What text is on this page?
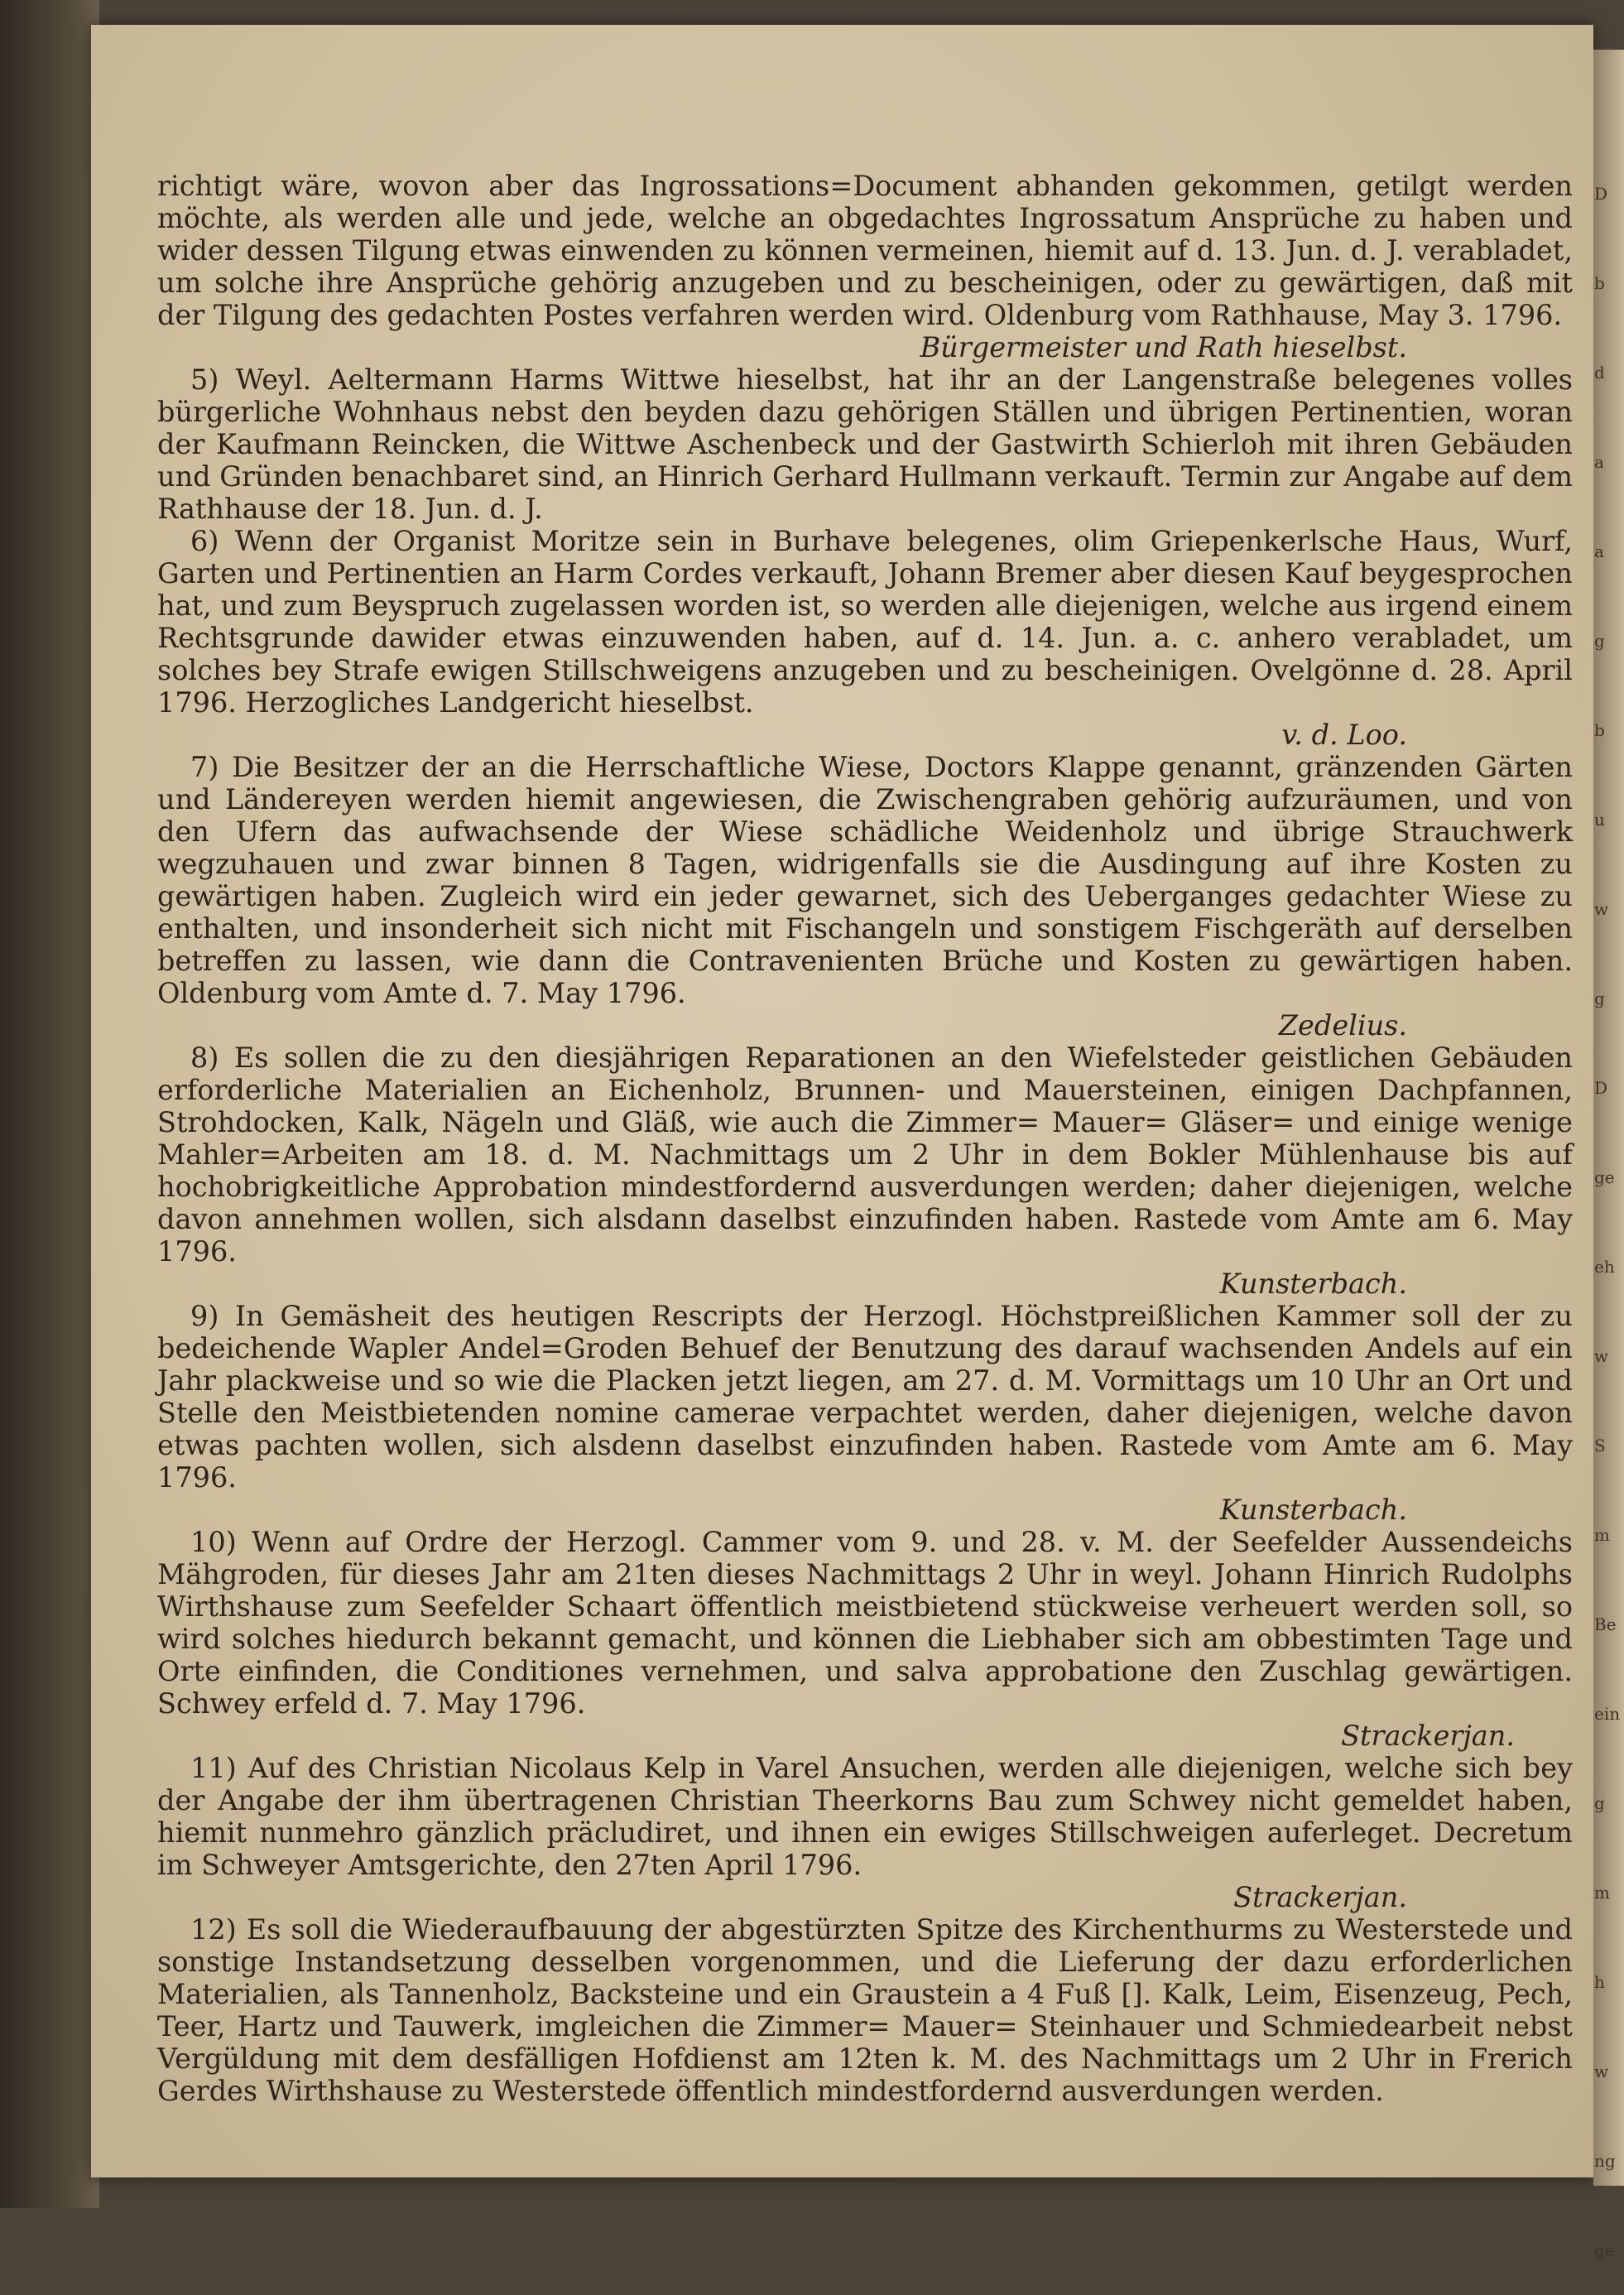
D
b
d
a
a
g
b
u
w
g
D
ge
eh
w
S
m
Be
ein
g
m
h
w
ng
ge

richtigt wäre, wovon aber das Ingrossations=Document abhanden gekommen, getilgt werden möchte, als werden alle und jede, welche an obgedachtes Ingrossatum Ansprüche zu haben und wider dessen Tilgung etwas einwenden zu können vermeinen, hiemit auf d. 13. Jun. d. J. verabladet, um solche ihre Ansprüche gehörig anzugeben und zu bescheinigen, oder zu gewärtigen, daß mit der Tilgung des gedachten Postes verfahren werden wird. Oldenburg vom Rathhause, May 3. 1796.

Bürgermeister und Rath hieselbst.

5) Weyl. Aeltermann Harms Wittwe hieselbst, hat ihr an der Langenstraße belegenes volles bürgerliche Wohnhaus nebst den beyden dazu gehörigen Ställen und übrigen Pertinentien, woran der Kaufmann Reincken, die Wittwe Aschenbeck und der Gastwirth Schierloh mit ihren Gebäuden und Gründen benachbaret sind, an Hinrich Gerhard Hullmann verkauft. Termin zur Angabe auf dem Rathhause der 18. Jun. d. J.

6) Wenn der Organist Moritze sein in Burhave belegenes, olim Griepenkerlsche Haus, Wurf, Garten und Pertinentien an Harm Cordes verkauft, Johann Bremer aber diesen Kauf beygesprochen hat, und zum Beyspruch zugelassen worden ist, so werden alle diejenigen, welche aus irgend einem Rechtsgrunde dawider etwas einzuwenden haben, auf d. 14. Jun. a. c. anhero verabladet, um solches bey Strafe ewigen Stillschweigens anzugeben und zu bescheinigen. Ovelgönne d. 28. April 1796. Herzogliches Landgericht hieselbst.

v. d. Loo.

7) Die Besitzer der an die Herrschaftliche Wiese, Doctors Klappe genannt, gränzenden Gärten und Ländereyen werden hiemit angewiesen, die Zwischengraben gehörig aufzuräumen, und von den Ufern das aufwachsende der Wiese schädliche Weidenholz und übrige Strauchwerk wegzuhauen und zwar binnen 8 Tagen, widrigenfalls sie die Ausdingung auf ihre Kosten zu gewärtigen haben. Zugleich wird ein jeder gewarnet, sich des Ueberganges gedachter Wiese zu enthalten, und insonderheit sich nicht mit Fischangeln und sonstigem Fischgeräth auf derselben betreffen zu lassen, wie dann die Contravenienten Brüche und Kosten zu gewärtigen haben. Oldenburg vom Amte d. 7. May 1796.

Zedelius.

8) Es sollen die zu den diesjährigen Reparationen an den Wiefelsteder geistlichen Gebäuden erforderliche Materialien an Eichenholz, Brunnen- und Mauersteinen, einigen Dachpfannen, Strohdocken, Kalk, Nägeln und Gläß, wie auch die Zimmer= Mauer= Gläser= und einige wenige Mahler=Arbeiten am 18. d. M. Nachmittags um 2 Uhr in dem Bokler Mühlenhause bis auf hochobrigkeitliche Approbation mindestfordernd ausverdungen werden; daher diejenigen, welche davon annehmen wollen, sich alsdann daselbst einzufinden haben. Rastede vom Amte am 6. May 1796.

Kunsterbach.

9) In Gemäsheit des heutigen Rescripts der Herzogl. Höchstpreißlichen Kammer soll der zu bedeichende Wapler Andel=Groden Behuef der Benutzung des darauf wachsenden Andels auf ein Jahr plackweise und so wie die Placken jetzt liegen, am 27. d. M. Vormittags um 10 Uhr an Ort und Stelle den Meistbietenden nomine camerae verpachtet werden, daher diejenigen, welche davon etwas pachten wollen, sich alsdenn daselbst einzufinden haben. Rastede vom Amte am 6. May 1796.

Kunsterbach.

10) Wenn auf Ordre der Herzogl. Cammer vom 9. und 28. v. M. der Seefelder Aussendeichs Mähgroden, für dieses Jahr am 21ten dieses Nachmittags 2 Uhr in weyl. Johann Hinrich Rudolphs Wirthshause zum Seefelder Schaart öffentlich meistbietend stückweise verheuert werden soll, so wird solches hiedurch bekannt gemacht, und können die Liebhaber sich am obbestimten Tage und Orte einfinden, die Conditiones vernehmen, und salva approbatione den Zuschlag gewärtigen. Schwey erfeld d. 7. May 1796.

Strackerjan.

11) Auf des Christian Nicolaus Kelp in Varel Ansuchen, werden alle diejenigen, welche sich bey der Angabe der ihm übertragenen Christian Theerkorns Bau zum Schwey nicht gemeldet haben, hiemit nunmehro gänzlich präcludiret, und ihnen ein ewiges Stillschweigen auferleget. Decretum im Schweyer Amtsgerichte, den 27ten April 1796.

Strackerjan.

12) Es soll die Wiederaufbauung der abgestürzten Spitze des Kirchenthurms zu Westerstede und sonstige Instandsetzung desselben vorgenommen, und die Lieferung der dazu erforderlichen Materialien, als Tannenholz, Backsteine und ein Graustein a 4 Fuß []. Kalk, Leim, Eisenzeug, Pech, Teer, Hartz und Tauwerk, imgleichen die Zimmer= Mauer= Steinhauer und Schmiedearbeit nebst Vergüldung mit dem desfälligen Hofdienst am 12ten k. M. des Nachmittags um 2 Uhr in Frerich Gerdes Wirthshause zu Westerstede öffentlich mindestfordernd ausverdungen werden.
